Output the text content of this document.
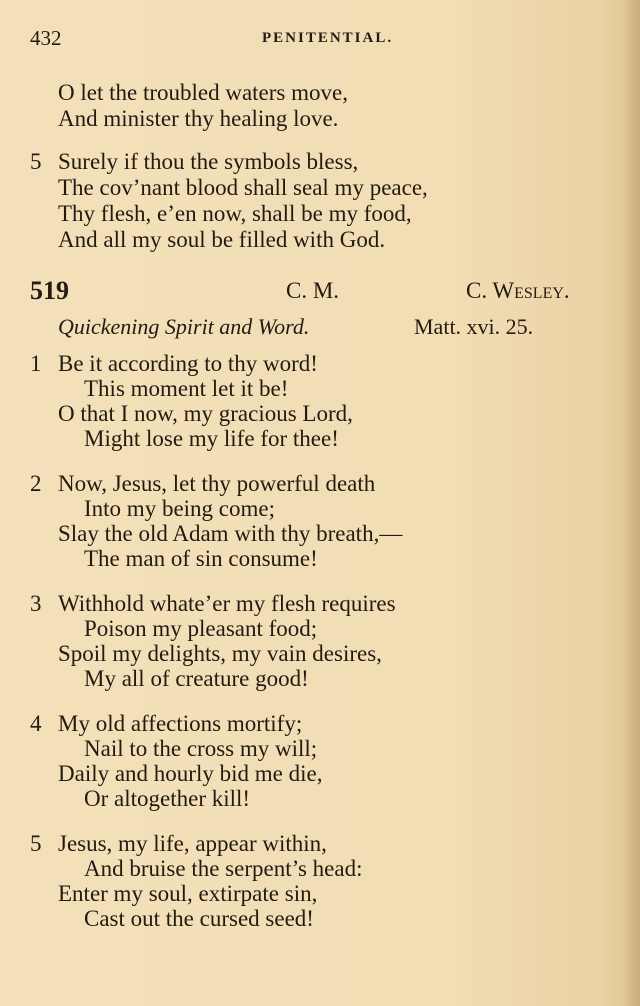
432	PENITENTIAL.
O let the troubled waters move,
And minister thy healing love.
5 Surely if thou the symbols bless,
The cov’nant blood shall seal my peace,
Thy flesh, e’en now, shall be my food,
And all my soul be filled with God.
519	C. M.	C. Wesley.
Quickening Spirit and Word.	Matt. xvi. 25.
1 Be it according to thy word!
This moment let it be!
O that I now, my gracious Lord,
Might lose my life for thee!
2 Now, Jesus, let thy powerful death
Into my being come;
Slay the old Adam with thy breath,—
The man of sin consume!
3 Withhold whate’er my flesh requires
Poison my pleasant food;
Spoil my delights, my vain desires,
My all of creature good!
4 My old affections mortify;
Nail to the cross my will;
Daily and hourly bid me die,
Or altogether kill!
5 Jesus, my life, appear within,
And bruise the serpent’s head:
Enter my soul, extirpate sin,
Cast out the cursed seed!
